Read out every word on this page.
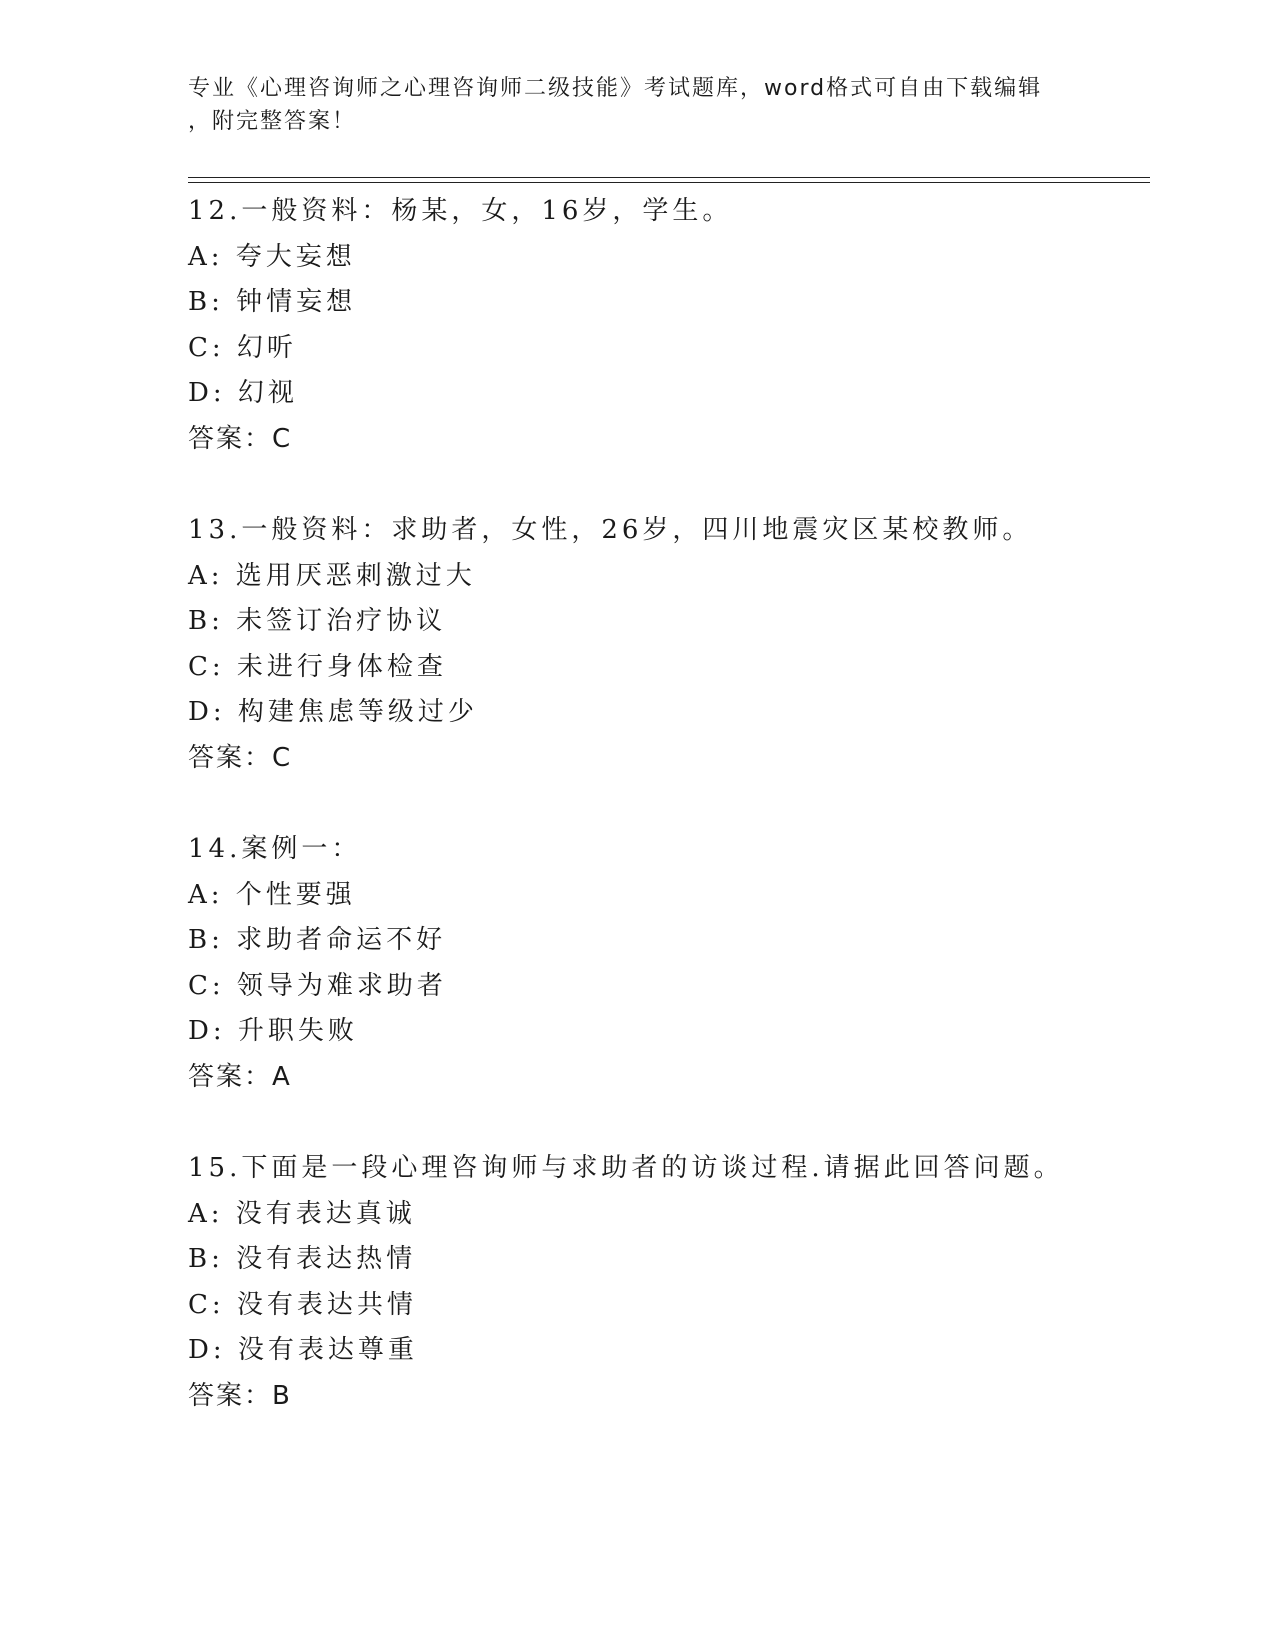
专业《心理咨询师之心理咨询师二级技能》考试题库，word格式可自由下载编辑
，附完整答案！
12.一般资料：杨某，女，16岁，学生。
A: 夸大妄想
B: 钟情妄想
C: 幻听
D: 幻视
答案：C
13.一般资料：求助者，女性，26岁，四川地震灾区某校教师。
A: 选用厌恶刺激过大
B: 未签订治疗协议
C: 未进行身体检查
D: 构建焦虑等级过少
答案：C
14.案例一：
A: 个性要强
B: 求助者命运不好
C: 领导为难求助者
D: 升职失败
答案：A
15.下面是一段心理咨询师与求助者的访谈过程.请据此回答问题。
A: 没有表达真诚
B: 没有表达热情
C: 没有表达共情
D: 没有表达尊重
答案：B
